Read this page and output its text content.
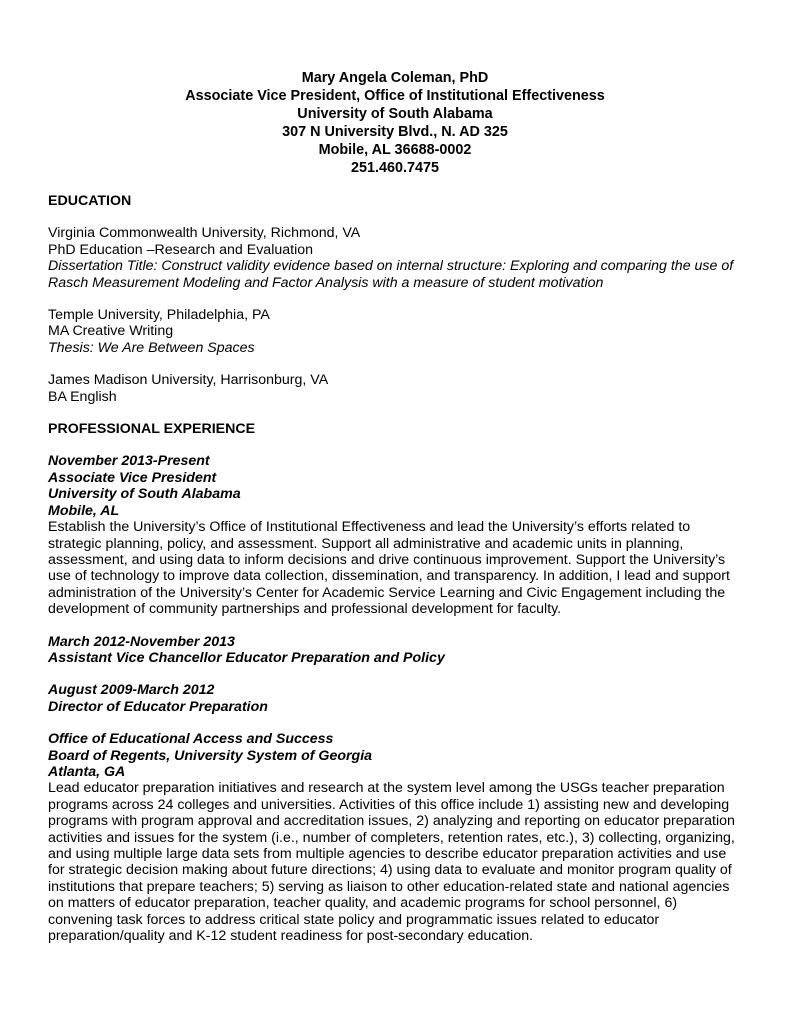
Mary Angela Coleman, PhD
Associate Vice President, Office of Institutional Effectiveness
University of South Alabama
307 N University Blvd., N. AD 325
Mobile, AL 36688-0002
251.460.7475
EDUCATION
Virginia Commonwealth University, Richmond, VA
PhD Education –Research and Evaluation
Dissertation Title: Construct validity evidence based on internal structure: Exploring and comparing the use of
Rasch Measurement Modeling and Factor Analysis with a measure of student motivation
Temple University, Philadelphia, PA
MA Creative Writing
Thesis: We Are Between Spaces
James Madison University, Harrisonburg, VA
BA English
PROFESSIONAL EXPERIENCE
November 2013-Present
Associate Vice President
University of South Alabama
Mobile, AL
Establish the University’s Office of Institutional Effectiveness and lead the University’s efforts related to
strategic planning, policy, and assessment. Support all administrative and academic units in planning,
assessment, and using data to inform decisions and drive continuous improvement. Support the University’s
use of technology to improve data collection, dissemination, and transparency. In addition, I lead and support
administration of the University’s Center for Academic Service Learning and Civic Engagement including the
development of community partnerships and professional development for faculty.
March 2012-November 2013
Assistant Vice Chancellor Educator Preparation and Policy
August 2009-March 2012
Director of Educator Preparation
Office of Educational Access and Success
Board of Regents, University System of Georgia
Atlanta, GA
Lead educator preparation initiatives and research at the system level among the USGs teacher preparation
programs across 24 colleges and universities. Activities of this office include 1) assisting new and developing
programs with program approval and accreditation issues, 2) analyzing and reporting on educator preparation
activities and issues for the system (i.e., number of completers, retention rates, etc.), 3) collecting, organizing,
and using multiple large data sets from multiple agencies to describe educator preparation activities and use
for strategic decision making about future directions; 4) using data to evaluate and monitor program quality of
institutions that prepare teachers; 5) serving as liaison to other education-related state and national agencies
on matters of educator preparation, teacher quality, and academic programs for school personnel, 6)
convening task forces to address critical state policy and programmatic issues related to educator
preparation/quality and K-12 student readiness for post-secondary education.
